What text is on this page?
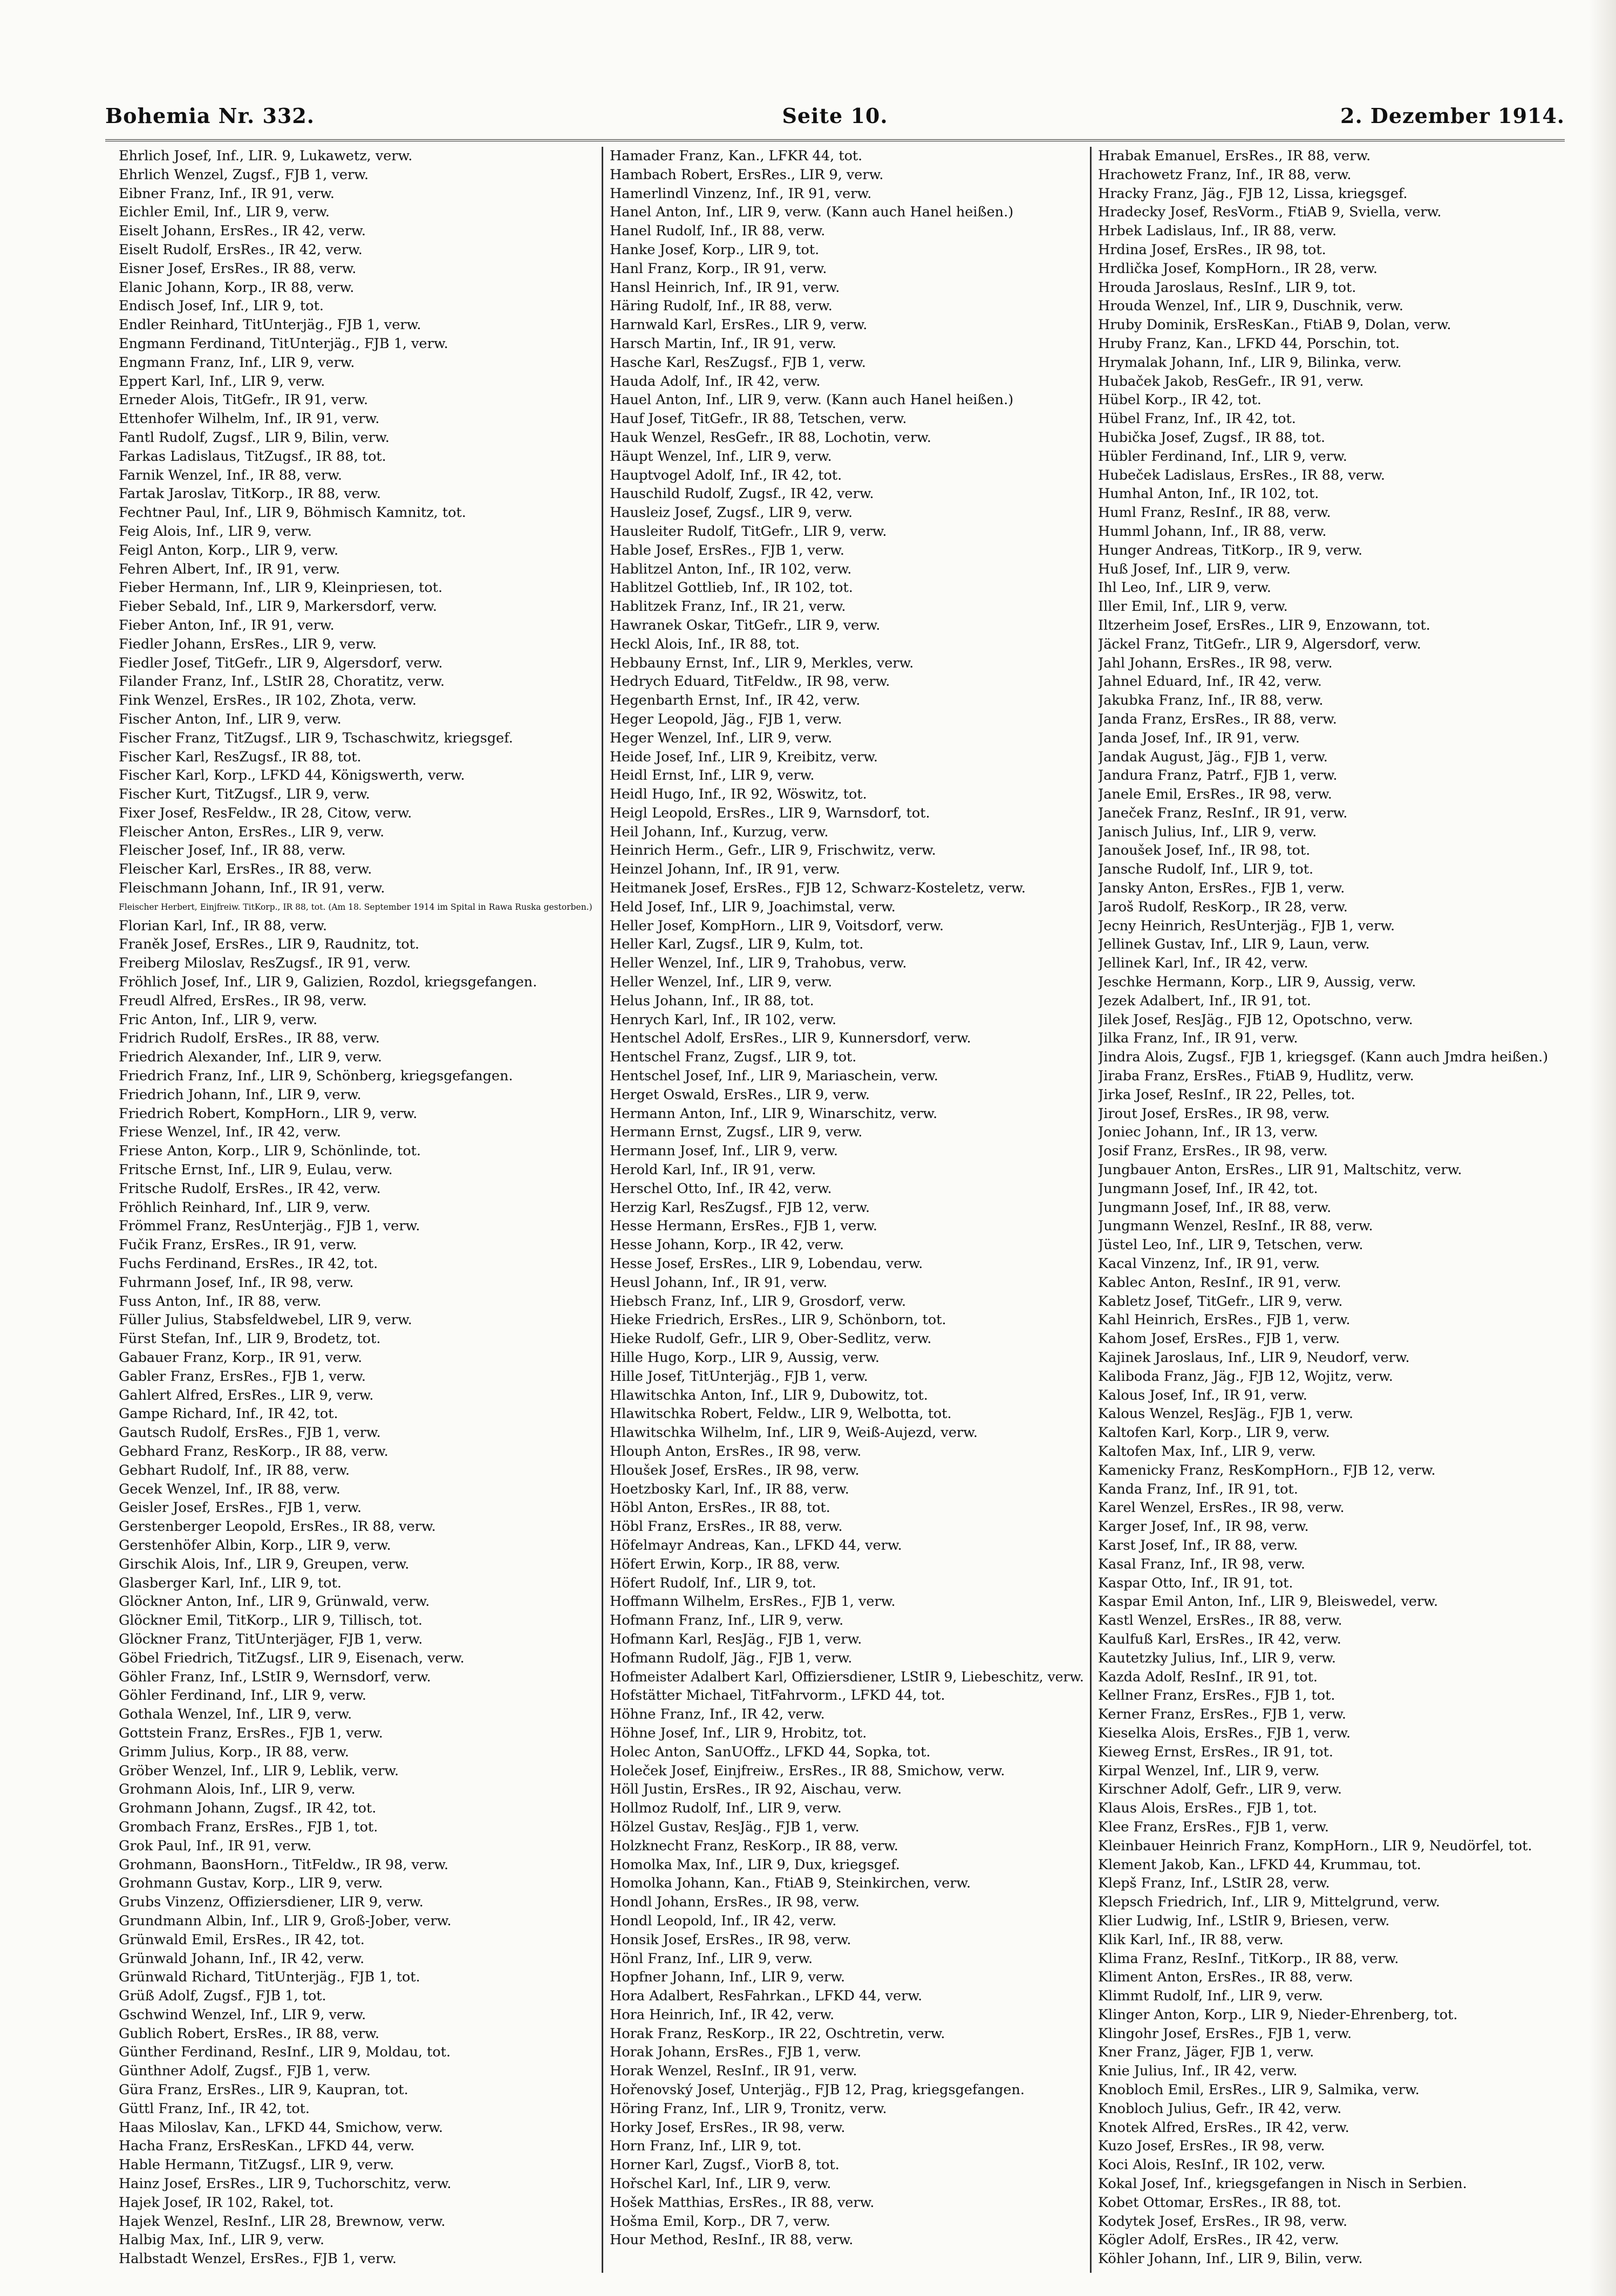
Bohemia Nr. 332.	Seite 10.	2. Dezember 1914.
Ehrlich Josef, Inf., LIR. 9, Lukawetz, verw.
Ehrlich Wenzel, Zugsf., FJB 1, verw.
Eibner Franz, Inf., IR 91, verw.
Eichler Emil, Inf., LIR 9, verw.
Eiselt Johann, ErsRes., IR 42, verw.
Eiselt Rudolf, ErsRes., IR 42, verw.
Eisner Josef, ErsRes., IR 88, verw.
Elanic Johann, Korp., IR 88, verw.
Endisch Josef, Inf., LIR 9, tot.
Endler Reinhard, TitUnterjäg., FJB 1, verw.
Engmann Ferdinand, TitUnterjäg., FJB 1, verw.
Engmann Franz, Inf., LIR 9, verw.
Eppert Karl, Inf., LIR 9, verw.
Erneder Alois, TitGefr., IR 91, verw.
Ettenhofer Wilhelm, Inf., IR 91, verw.
Fantl Rudolf, Zugsf., LIR 9, Bilin, verw.
Farkas Ladislaus, TitZugsf., IR 88, tot.
Farnik Wenzel, Inf., IR 88, verw.
Fartak Jaroslav, TitKorp., IR 88, verw.
Fechtner Paul, Inf., LIR 9, Böhmisch Kamnitz, tot.
Feig Alois, Inf., LIR 9, verw.
Feigl Anton, Korp., LIR 9, verw.
Fehren Albert, Inf., IR 91, verw.
Fieber Hermann, Inf., LIR 9, Kleinpriesen, tot.
Fieber Sebald, Inf., LIR 9, Markersdorf, verw.
Fieber Anton, Inf., IR 91, verw.
Fiedler Johann, ErsRes., LIR 9, verw.
Fiedler Josef, TitGefr., LIR 9, Algersdorf, verw.
Filander Franz, Inf., LStIR 28, Choratitz, verw.
Fink Wenzel, ErsRes., IR 102, Zhota, verw.
Fischer Anton, Inf., LIR 9, verw.
Fischer Franz, TitZugsf., LIR 9, Tschaschwitz, kriegsgef.
Fischer Karl, ResZugsf., IR 88, tot.
Fischer Karl, Korp., LFKD 44, Königswerth, verw.
Fischer Kurt, TitZugsf., LIR 9, verw.
Fixer Josef, ResFeldw., IR 28, Citow, verw.
Fleischer Anton, ErsRes., LIR 9, verw.
Fleischer Josef, Inf., IR 88, verw.
Fleischer Karl, ErsRes., IR 88, verw.
Fleischmann Johann, Inf., IR 91, verw.
Fleischer Herbert, Einjfreiw. TitKorp., IR 88, tot. (Am 18. September 1914 im Spital in Rawa Ruska gestorben.)
Florian Karl, Inf., IR 88, verw.
Franěk Josef, ErsRes., LIR 9, Raudnitz, tot.
Freiberg Miloslav, ResZugsf., IR 91, verw.
Fröhlich Josef, Inf., LIR 9, Galizien, Rozdol, kriegsgefangen.
Freudl Alfred, ErsRes., IR 98, verw.
Fric Anton, Inf., LIR 9, verw.
Fridrich Rudolf, ErsRes., IR 88, verw.
Friedrich Alexander, Inf., LIR 9, verw.
Friedrich Franz, Inf., LIR 9, Schönberg, kriegsgefangen.
Friedrich Johann, Inf., LIR 9, verw.
Friedrich Robert, KompHorn., LIR 9, verw.
Friese Wenzel, Inf., IR 42, verw.
Friese Anton, Korp., LIR 9, Schönlinde, tot.
Fritsche Ernst, Inf., LIR 9, Eulau, verw.
Fritsche Rudolf, ErsRes., IR 42, verw.
Fröhlich Reinhard, Inf., LIR 9, verw.
Frömmel Franz, ResUnterjäg., FJB 1, verw.
Fučik Franz, ErsRes., IR 91, verw.
Fuchs Ferdinand, ErsRes., IR 42, tot.
Fuhrmann Josef, Inf., IR 98, verw.
Fuss Anton, Inf., IR 88, verw.
Füller Julius, Stabsfeldwebel, LIR 9, verw.
Fürst Stefan, Inf., LIR 9, Brodetz, tot.
Gabauer Franz, Korp., IR 91, verw.
Gabler Franz, ErsRes., FJB 1, verw.
Gahlert Alfred, ErsRes., LIR 9, verw.
Gampe Richard, Inf., IR 42, tot.
Gautsch Rudolf, ErsRes., FJB 1, verw.
Gebhard Franz, ResKorp., IR 88, verw.
Gebhart Rudolf, Inf., IR 88, verw.
Gecek Wenzel, Inf., IR 88, verw.
Geisler Josef, ErsRes., FJB 1, verw.
Gerstenberger Leopold, ErsRes., IR 88, verw.
Gerstenhöfer Albin, Korp., LIR 9, verw.
Girschik Alois, Inf., LIR 9, Greupen, verw.
Glasberger Karl, Inf., LIR 9, tot.
Glöckner Anton, Inf., LIR 9, Grünwald, verw.
Glöckner Emil, TitKorp., LIR 9, Tillisch, tot.
Glöckner Franz, TitUnterjäger, FJB 1, verw.
Göbel Friedrich, TitZugsf., LIR 9, Eisenach, verw.
Göhler Franz, Inf., LStIR 9, Wernsdorf, verw.
Göhler Ferdinand, Inf., LIR 9, verw.
Gothala Wenzel, Inf., LIR 9, verw.
Gottstein Franz, ErsRes., FJB 1, verw.
Grimm Julius, Korp., IR 88, verw.
Gröber Wenzel, Inf., LIR 9, Leblik, verw.
Grohmann Alois, Inf., LIR 9, verw.
Grohmann Johann, Zugsf., IR 42, tot.
Grombach Franz, ErsRes., FJB 1, tot.
Grok Paul, Inf., IR 91, verw.
Grohmann, BaonsHorn., TitFeldw., IR 98, verw.
Grohmann Gustav, Korp., LIR 9, verw.
Grubs Vinzenz, Offiziersdiener, LIR 9, verw.
Grundmann Albin, Inf., LIR 9, Groß-Jober, verw.
Grünwald Emil, ErsRes., IR 42, tot.
Grünwald Johann, Inf., IR 42, verw.
Grünwald Richard, TitUnterjäg., FJB 1, tot.
Grüß Adolf, Zugsf., FJB 1, tot.
Gschwind Wenzel, Inf., LIR 9, verw.
Gublich Robert, ErsRes., IR 88, verw.
Günther Ferdinand, ResInf., LIR 9, Moldau, tot.
Günthner Adolf, Zugsf., FJB 1, verw.
Güra Franz, ErsRes., LIR 9, Kaupran, tot.
Güttl Franz, Inf., IR 42, tot.
Haas Miloslav, Kan., LFKD 44, Smichow, verw.
Hacha Franz, ErsResKan., LFKD 44, verw.
Hable Hermann, TitZugsf., LIR 9, verw.
Hainz Josef, ErsRes., LIR 9, Tuchorschitz, verw.
Hajek Josef, IR 102, Rakel, tot.
Hajek Wenzel, ResInf., LIR 28, Brewnow, verw.
Halbig Max, Inf., LIR 9, verw.
Halbstadt Wenzel, ErsRes., FJB 1, verw.
Hamader Franz, Kan., LFKR 44, tot.
Hambach Robert, ErsRes., LIR 9, verw.
Hamerlindl Vinzenz, Inf., IR 91, verw.
Hanel Anton, Inf., LIR 9, verw. (Kann auch Hanel heißen.)
Hanel Rudolf, Inf., IR 88, verw.
Hanke Josef, Korp., LIR 9, tot.
Hanl Franz, Korp., IR 91, verw.
Hansl Heinrich, Inf., IR 91, verw.
Häring Rudolf, Inf., IR 88, verw.
Harnwald Karl, ErsRes., LIR 9, verw.
Harsch Martin, Inf., IR 91, verw.
Hasche Karl, ResZugsf., FJB 1, verw.
Hauda Adolf, Inf., IR 42, verw.
Hauel Anton, Inf., LIR 9, verw. (Kann auch Hanel heißen.)
Hauf Josef, TitGefr., IR 88, Tetschen, verw.
Hauk Wenzel, ResGefr., IR 88, Lochotin, verw.
Häupt Wenzel, Inf., LIR 9, verw.
Hauptvogel Adolf, Inf., IR 42, tot.
Hauschild Rudolf, Zugsf., IR 42, verw.
Hausleiz Josef, Zugsf., LIR 9, verw.
Hausleiter Rudolf, TitGefr., LIR 9, verw.
Hable Josef, ErsRes., FJB 1, verw.
Hablitzel Anton, Inf., IR 102, verw.
Hablitzel Gottlieb, Inf., IR 102, tot.
Hablitzek Franz, Inf., IR 21, verw.
Hawranek Oskar, TitGefr., LIR 9, verw.
Heckl Alois, Inf., IR 88, tot.
Hebbauny Ernst, Inf., LIR 9, Merkles, verw.
Hedrych Eduard, TitFeldw., IR 98, verw.
Hegenbarth Ernst, Inf., IR 42, verw.
Heger Leopold, Jäg., FJB 1, verw.
Heger Wenzel, Inf., LIR 9, verw.
Heide Josef, Inf., LIR 9, Kreibitz, verw.
Heidl Ernst, Inf., LIR 9, verw.
Heidl Hugo, Inf., IR 92, Wöswitz, tot.
Heigl Leopold, ErsRes., LIR 9, Warnsdorf, tot.
Heil Johann, Inf., Kurzug, verw.
Heinrich Herm., Gefr., LIR 9, Frischwitz, verw.
Heinzel Johann, Inf., IR 91, verw.
Heitmanek Josef, ErsRes., FJB 12, Schwarz-Kosteletz, verw.
Held Josef, Inf., LIR 9, Joachimstal, verw.
Heller Josef, KompHorn., LIR 9, Voitsdorf, verw.
Heller Karl, Zugsf., LIR 9, Kulm, tot.
Heller Wenzel, Inf., LIR 9, Trahobus, verw.
Heller Wenzel, Inf., LIR 9, verw.
Helus Johann, Inf., IR 88, tot.
Henrych Karl, Inf., IR 102, verw.
Hentschel Adolf, ErsRes., LIR 9, Kunnersdorf, verw.
Hentschel Franz, Zugsf., LIR 9, tot.
Hentschel Josef, Inf., LIR 9, Mariaschein, verw.
Herget Oswald, ErsRes., LIR 9, verw.
Hermann Anton, Inf., LIR 9, Winarschitz, verw.
Hermann Ernst, Zugsf., LIR 9, verw.
Hermann Josef, Inf., LIR 9, verw.
Herold Karl, Inf., IR 91, verw.
Herschel Otto, Inf., IR 42, verw.
Herzig Karl, ResZugsf., FJB 12, verw.
Hesse Hermann, ErsRes., FJB 1, verw.
Hesse Johann, Korp., IR 42, verw.
Hesse Josef, ErsRes., LIR 9, Lobendau, verw.
Heusl Johann, Inf., IR 91, verw.
Hiebsch Franz, Inf., LIR 9, Grosdorf, verw.
Hieke Friedrich, ErsRes., LIR 9, Schönborn, tot.
Hieke Rudolf, Gefr., LIR 9, Ober-Sedlitz, verw.
Hille Hugo, Korp., LIR 9, Aussig, verw.
Hille Josef, TitUnterjäg., FJB 1, verw.
Hlawitschka Anton, Inf., LIR 9, Dubowitz, tot.
Hlawitschka Robert, Feldw., LIR 9, Welbotta, tot.
Hlawitschka Wilhelm, Inf., LIR 9, Weiß-Aujezd, verw.
Hlouph Anton, ErsRes., IR 98, verw.
Hloušek Josef, ErsRes., IR 98, verw.
Hoetzbosky Karl, Inf., IR 88, verw.
Höbl Anton, ErsRes., IR 88, tot.
Höbl Franz, ErsRes., IR 88, verw.
Höfelmayr Andreas, Kan., LFKD 44, verw.
Höfert Erwin, Korp., IR 88, verw.
Höfert Rudolf, Inf., LIR 9, tot.
Hoffmann Wilhelm, ErsRes., FJB 1, verw.
Hofmann Franz, Inf., LIR 9, verw.
Hofmann Karl, ResJäg., FJB 1, verw.
Hofmann Rudolf, Jäg., FJB 1, verw.
Hofmeister Adalbert Karl, Offiziersdiener, LStIR 9, Liebeschitz, verw.
Hofstätter Michael, TitFahrvorm., LFKD 44, tot.
Höhne Franz, Inf., IR 42, verw.
Höhne Josef, Inf., LIR 9, Hrobitz, tot.
Holec Anton, SanUOffz., LFKD 44, Sopka, tot.
Holeček Josef, Einjfreiw., ErsRes., IR 88, Smichow, verw.
Höll Justin, ErsRes., IR 92, Aischau, verw.
Hollmoz Rudolf, Inf., LIR 9, verw.
Hölzel Gustav, ResJäg., FJB 1, verw.
Holzknecht Franz, ResKorp., IR 88, verw.
Homolka Max, Inf., LIR 9, Dux, kriegsgef.
Homolka Johann, Kan., FtiAB 9, Steinkirchen, verw.
Hondl Johann, ErsRes., IR 98, verw.
Hondl Leopold, Inf., IR 42, verw.
Honsik Josef, ErsRes., IR 98, verw.
Hönl Franz, Inf., LIR 9, verw.
Hopfner Johann, Inf., LIR 9, verw.
Hora Adalbert, ResFahrkan., LFKD 44, verw.
Hora Heinrich, Inf., IR 42, verw.
Horak Franz, ResKorp., IR 22, Oschtretin, verw.
Horak Johann, ErsRes., FJB 1, verw.
Horak Wenzel, ResInf., IR 91, verw.
Hořenovský Josef, Unterjäg., FJB 12, Prag, kriegsgefangen.
Höring Franz, Inf., LIR 9, Tronitz, verw.
Horky Josef, ErsRes., IR 98, verw.
Horn Franz, Inf., LIR 9, tot.
Horner Karl, Zugsf., ViorB 8, tot.
Hořschel Karl, Inf., LIR 9, verw.
Hošek Matthias, ErsRes., IR 88, verw.
Hošma Emil, Korp., DR 7, verw.
Hour Method, ResInf., IR 88, verw.
Hrabak Emanuel, ErsRes., IR 88, verw.
Hrachowetz Franz, Inf., IR 88, verw.
Hracky Franz, Jäg., FJB 12, Lissa, kriegsgef.
Hradecky Josef, ResVorm., FtiAB 9, Sviella, verw.
Hrbek Ladislaus, Inf., IR 88, verw.
Hrdina Josef, ErsRes., IR 98, tot.
Hrdlička Josef, KompHorn., IR 28, verw.
Hrouda Jaroslaus, ResInf., LIR 9, tot.
Hrouda Wenzel, Inf., LIR 9, Duschnik, verw.
Hruby Dominik, ErsResKan., FtiAB 9, Dolan, verw.
Hruby Franz, Kan., LFKD 44, Porschin, tot.
Hrymalak Johann, Inf., LIR 9, Bilinka, verw.
Hubaček Jakob, ResGefr., IR 91, verw.
Hübel Korp., IR 42, tot.
Hübel Franz, Inf., IR 42, tot.
Hubička Josef, Zugsf., IR 88, tot.
Hübler Ferdinand, Inf., LIR 9, verw.
Hubeček Ladislaus, ErsRes., IR 88, verw.
Humhal Anton, Inf., IR 102, tot.
Huml Franz, ResInf., IR 88, verw.
Humml Johann, Inf., IR 88, verw.
Hunger Andreas, TitKorp., IR 9, verw.
Huß Josef, Inf., LIR 9, verw.
Ihl Leo, Inf., LIR 9, verw.
Iller Emil, Inf., LIR 9, verw.
Iltzerheim Josef, ErsRes., LIR 9, Enzowann, tot.
Jäckel Franz, TitGefr., LIR 9, Algersdorf, verw.
Jahl Johann, ErsRes., IR 98, verw.
Jahnel Eduard, Inf., IR 42, verw.
Jakubka Franz, Inf., IR 88, verw.
Janda Franz, ErsRes., IR 88, verw.
Janda Josef, Inf., IR 91, verw.
Jandak August, Jäg., FJB 1, verw.
Jandura Franz, Patrf., FJB 1, verw.
Janele Emil, ErsRes., IR 98, verw.
Janeček Franz, ResInf., IR 91, verw.
Janisch Julius, Inf., LIR 9, verw.
Janoušek Josef, Inf., IR 98, tot.
Jansche Rudolf, Inf., LIR 9, tot.
Jansky Anton, ErsRes., FJB 1, verw.
Jaroš Rudolf, ResKorp., IR 28, verw.
Jecny Heinrich, ResUnterjäg., FJB 1, verw.
Jellinek Gustav, Inf., LIR 9, Laun, verw.
Jellinek Karl, Inf., IR 42, verw.
Jeschke Hermann, Korp., LIR 9, Aussig, verw.
Jezek Adalbert, Inf., IR 91, tot.
Jilek Josef, ResJäg., FJB 12, Opotschno, verw.
Jilka Franz, Inf., IR 91, verw.
Jindra Alois, Zugsf., FJB 1, kriegsgef. (Kann auch Jmdra heißen.)
Jiraba Franz, ErsRes., FtiAB 9, Hudlitz, verw.
Jirka Josef, ResInf., IR 22, Pelles, tot.
Jirout Josef, ErsRes., IR 98, verw.
Joniec Johann, Inf., IR 13, verw.
Josif Franz, ErsRes., IR 98, verw.
Jungbauer Anton, ErsRes., LIR 91, Maltschitz, verw.
Jungmann Josef, Inf., IR 42, tot.
Jungmann Josef, Inf., IR 88, verw.
Jungmann Wenzel, ResInf., IR 88, verw.
Jüstel Leo, Inf., LIR 9, Tetschen, verw.
Kacal Vinzenz, Inf., IR 91, verw.
Kablec Anton, ResInf., IR 91, verw.
Kabletz Josef, TitGefr., LIR 9, verw.
Kahl Heinrich, ErsRes., FJB 1, verw.
Kahom Josef, ErsRes., FJB 1, verw.
Kajinek Jaroslaus, Inf., LIR 9, Neudorf, verw.
Kaliboda Franz, Jäg., FJB 12, Wojitz, verw.
Kalous Josef, Inf., IR 91, verw.
Kalous Wenzel, ResJäg., FJB 1, verw.
Kaltofen Karl, Korp., LIR 9, verw.
Kaltofen Max, Inf., LIR 9, verw.
Kamenicky Franz, ResKompHorn., FJB 12, verw.
Kanda Franz, Inf., IR 91, tot.
Karel Wenzel, ErsRes., IR 98, verw.
Karger Josef, Inf., IR 98, verw.
Karst Josef, Inf., IR 88, verw.
Kasal Franz, Inf., IR 98, verw.
Kaspar Otto, Inf., IR 91, tot.
Kaspar Emil Anton, Inf., LIR 9, Bleiswedel, verw.
Kastl Wenzel, ErsRes., IR 88, verw.
Kaulfuß Karl, ErsRes., IR 42, verw.
Kautetzky Julius, Inf., LIR 9, verw.
Kazda Adolf, ResInf., IR 91, tot.
Kellner Franz, ErsRes., FJB 1, tot.
Kerner Franz, ErsRes., FJB 1, verw.
Kieselka Alois, ErsRes., FJB 1, verw.
Kieweg Ernst, ErsRes., IR 91, tot.
Kirpal Wenzel, Inf., LIR 9, verw.
Kirschner Adolf, Gefr., LIR 9, verw.
Klaus Alois, ErsRes., FJB 1, tot.
Klee Franz, ErsRes., FJB 1, verw.
Kleinbauer Heinrich Franz, KompHorn., LIR 9, Neudörfel, tot.
Klement Jakob, Kan., LFKD 44, Krummau, tot.
Klepš Franz, Inf., LStIR 28, verw.
Klepsch Friedrich, Inf., LIR 9, Mittelgrund, verw.
Klier Ludwig, Inf., LStIR 9, Briesen, verw.
Klik Karl, Inf., IR 88, verw.
Klima Franz, ResInf., TitKorp., IR 88, verw.
Kliment Anton, ErsRes., IR 88, verw.
Klimmt Rudolf, Inf., LIR 9, verw.
Klinger Anton, Korp., LIR 9, Nieder-Ehrenberg, tot.
Klingohr Josef, ErsRes., FJB 1, verw.
Kner Franz, Jäger, FJB 1, verw.
Knie Julius, Inf., IR 42, verw.
Knobloch Emil, ErsRes., LIR 9, Salmika, verw.
Knobloch Julius, Gefr., IR 42, verw.
Knotek Alfred, ErsRes., IR 42, verw.
Kuzo Josef, ErsRes., IR 98, verw.
Koci Alois, ResInf., IR 102, verw.
Kokal Josef, Inf., kriegsgefangen in Nisch in Serbien.
Kobet Ottomar, ErsRes., IR 88, tot.
Kodytek Josef, ErsRes., IR 98, verw.
Kögler Adolf, ErsRes., IR 42, verw.
Köhler Johann, Inf., LIR 9, Bilin, verw.
